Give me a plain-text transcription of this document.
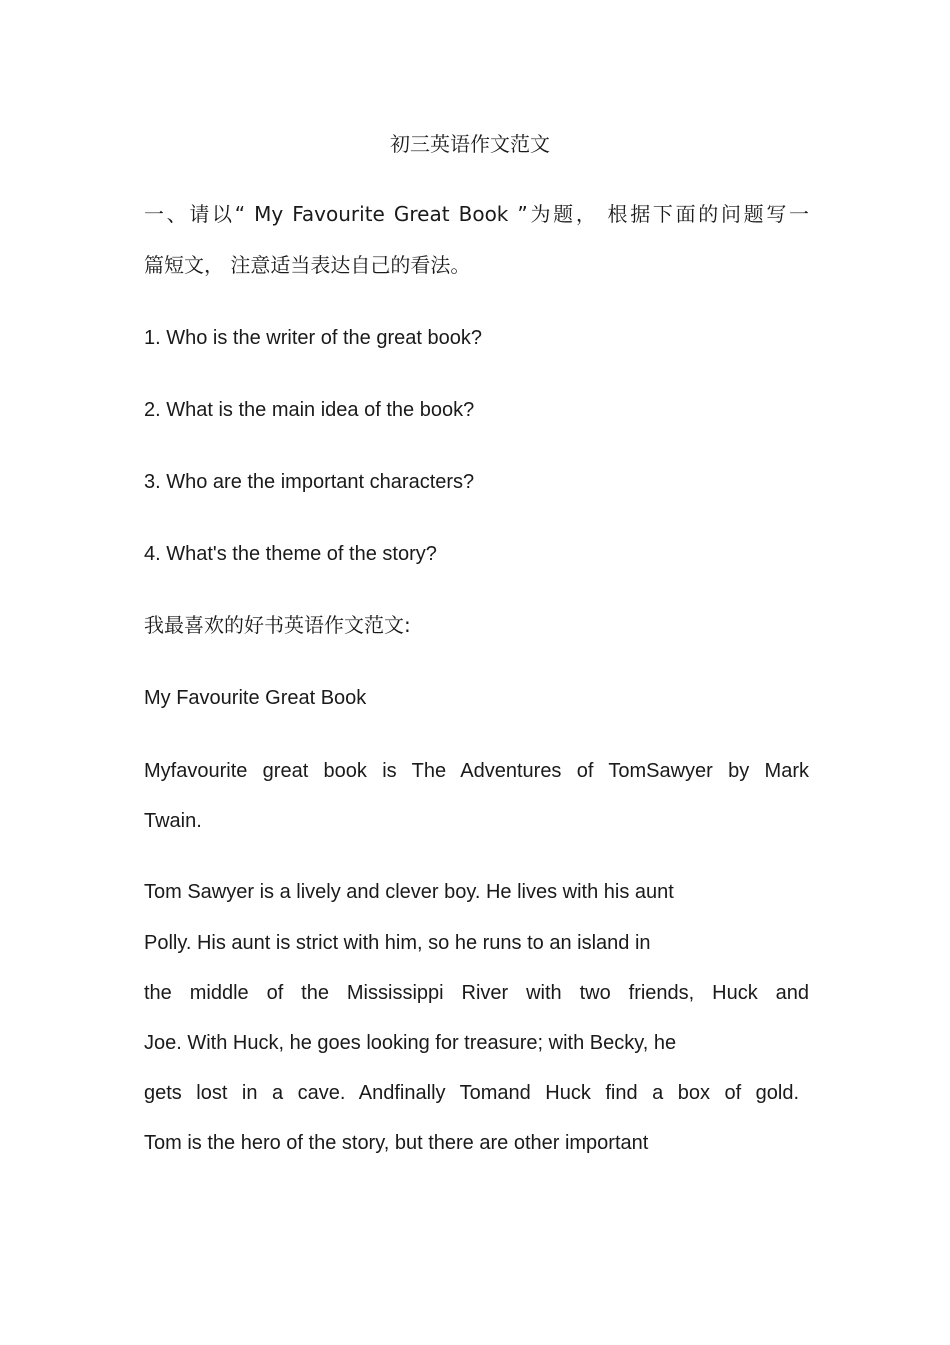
初三英语作文范文
一、请以“ My Favourite Great Book ”为题， 根据下面的问题写一
篇短文， 注意适当表达自己的看法。
1. Who is the writer of the great book?
2. What is the main idea of the book?
3. Who are the important characters?
4. What's the theme of the story?
我最喜欢的好书英语作文范文:
My Favourite Great Book
Myfavourite great book is The Adventures of TomSawyer by Mark
Twain.
Tom Sawyer is a lively and clever boy. He lives with his aunt
Polly. His aunt is strict with him, so he runs to an island in
the middle of the Mississippi River with two friends, Huck and
Joe. With Huck, he goes looking for treasure; with Becky, he
gets lost in a cave. Andfinally Tomand Huck find a box of gold.
Tom is the hero of the story, but there are other important
